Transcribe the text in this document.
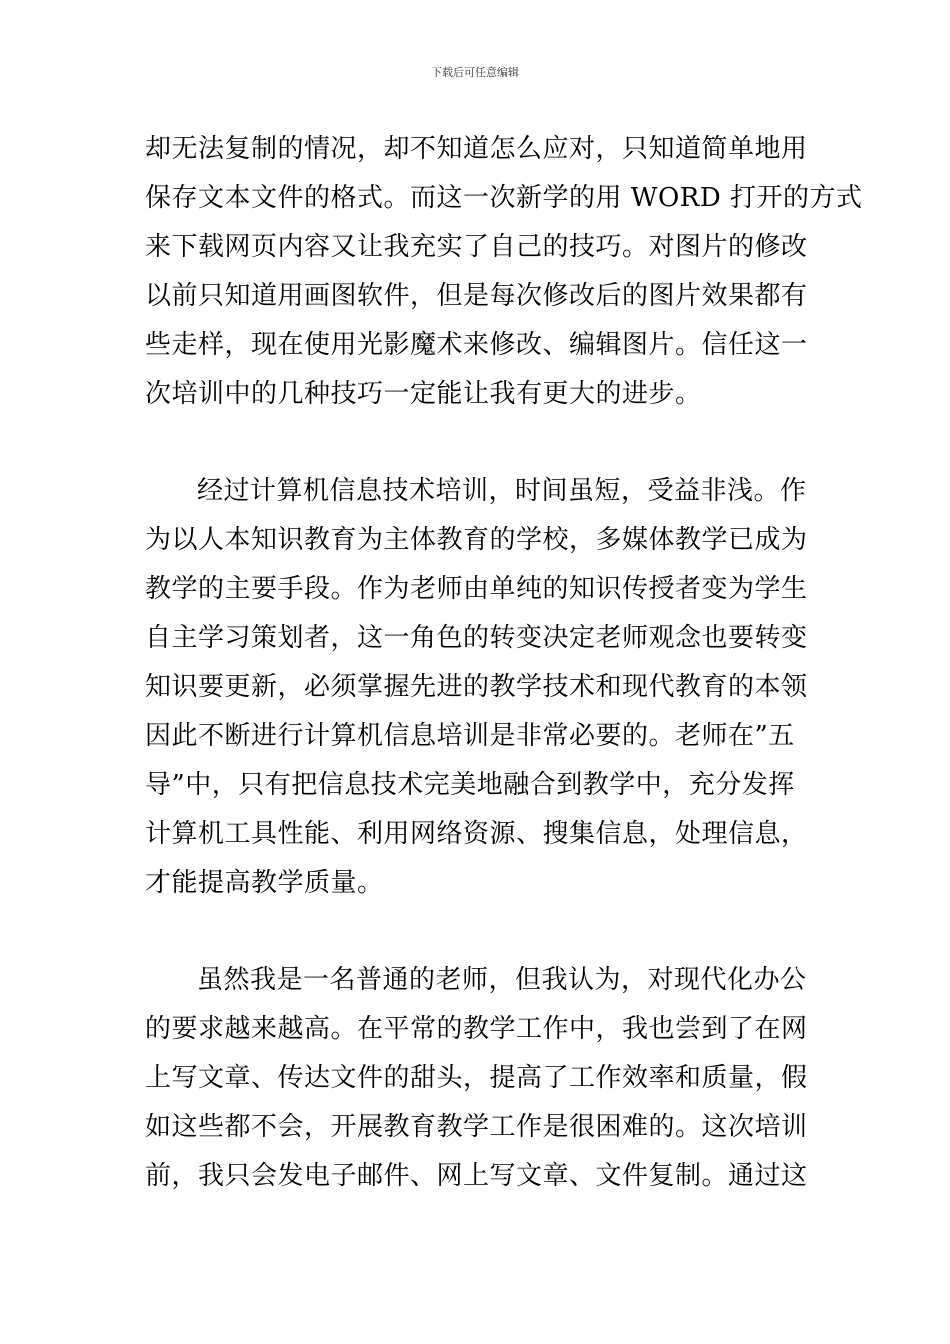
下载后可任意编辑
却无法复制的情况，却不知道怎么应对，只知道简单地用
保存文本文件的格式。而这一次新学的用 WORD 打开的方式
来下载网页内容又让我充实了自己的技巧。对图片的修改
以前只知道用画图软件，但是每次修改后的图片效果都有
些走样，现在使用光影魔术来修改、编辑图片。信任这一
次培训中的几种技巧一定能让我有更大的进步。
经过计算机信息技术培训，时间虽短，受益非浅。作
为以人本知识教育为主体教育的学校，多媒体教学已成为
教学的主要手段。作为老师由单纯的知识传授者变为学生
自主学习策划者，这一角色的转变决定老师观念也要转变
知识要更新，必须掌握先进的教学技术和现代教育的本领
因此不断进行计算机信息培训是非常必要的。老师在”五
导”中，只有把信息技术完美地融合到教学中，充分发挥
计算机工具性能、利用网络资源、搜集信息，处理信息，
才能提高教学质量。
虽然我是一名普通的老师，但我认为，对现代化办公
的要求越来越高。在平常的教学工作中，我也尝到了在网
上写文章、传达文件的甜头，提高了工作效率和质量，假
如这些都不会，开展教育教学工作是很困难的。这次培训
前，我只会发电子邮件、网上写文章、文件复制。通过这
